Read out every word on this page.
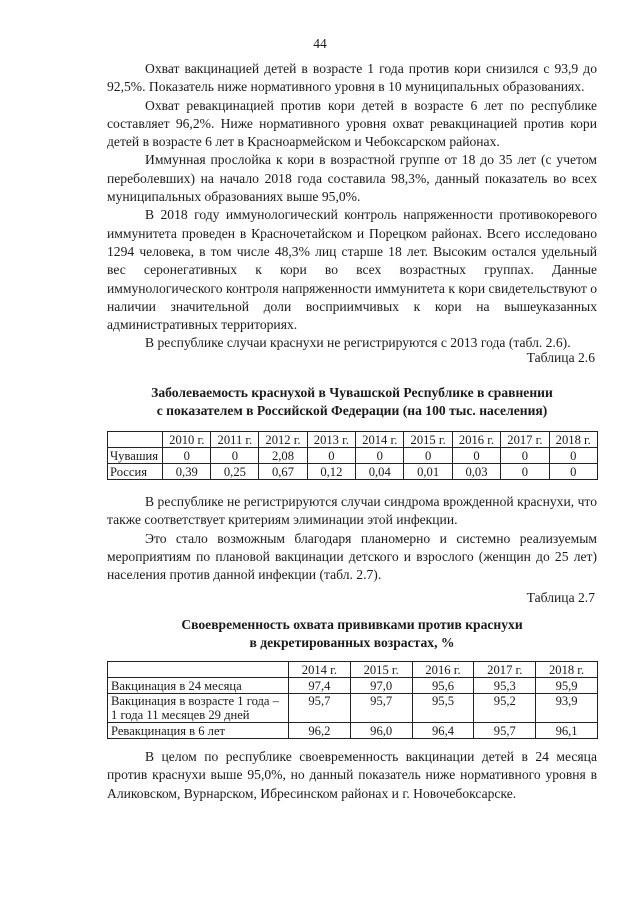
44

Охват вакцинацией детей в возрасте 1 года против кори снизился с 93,9 до 92,5%. Показатель ниже нормативного уровня в 10 муниципальных образованиях.

Охват ревакцинацией против кори детей в возрасте 6 лет по республике составляет 96,2%. Ниже нормативного уровня охват ревакцинацией против кори детей в возрасте 6 лет в Красноармейском и Чебоксарском районах.

Иммунная прослойка к кори в возрастной группе от 18 до 35 лет (с учетом переболевших) на начало 2018 года составила 98,3%, данный показатель во всех муниципальных образованиях выше 95,0%.

В 2018 году иммунологический контроль напряженности противокоревого иммунитета проведен в Красночетайском и Порецком районах. Всего исследовано 1294 человека, в том числе 48,3% лиц старше 18 лет. Высоким остался удельный вес серонегативных к кори во всех возрастных группах. Данные иммунологического контроля напряженности иммунитета к кори свидетельствуют о наличии значительной доли восприимчивых к кори на вышеуказанных административных территориях.

В республике случаи краснухи не регистрируются с 2013 года (табл. 2.6).

Таблица 2.6
Заболеваемость краснухой в Чувашской Республике в сравнении
с показателем в Российской Федерации (на 100 тыс. населения)
	2010 г.	2011 г.	2012 г.	2013 г.	2014 г.	2015 г.	2016 г.	2017 г.	2018 г.
Чувашия	0	0	2,08	0	0	0	0	0	0
Россия	0,39	0,25	0,67	0,12	0,04	0,01	0,03	0	0

В республике не регистрируются случаи синдрома врожденной краснухи, что также соответствует критериям элиминации этой инфекции.

Это стало возможным благодаря планомерно и системно реализуемым мероприятиям по плановой вакцинации детского и взрослого (женщин до 25 лет) населения против данной инфекции (табл. 2.7).

Таблица 2.7
Своевременность охвата прививками против краснухи
в декретированных возрастах, %
	2014 г.	2015 г.	2016 г.	2017 г.	2018 г.
Вакцинация в 24 месяца	97,4	97,0	95,6	95,3	95,9

Вакцинация в возрасте 1 года –
1 года 11 месяцев 29 дней	95,7	95,7	95,5	95,2	93,9
Ревакцинация в 6 лет	96,2	96,0	96,4	95,7	96,1

В целом по республике своевременность вакцинации детей в 24 месяца против краснухи выше 95,0%, но данный показатель ниже нормативного уровня в Аликовском, Вурнарском, Ибресинском районах и г. Новочебоксарске.
